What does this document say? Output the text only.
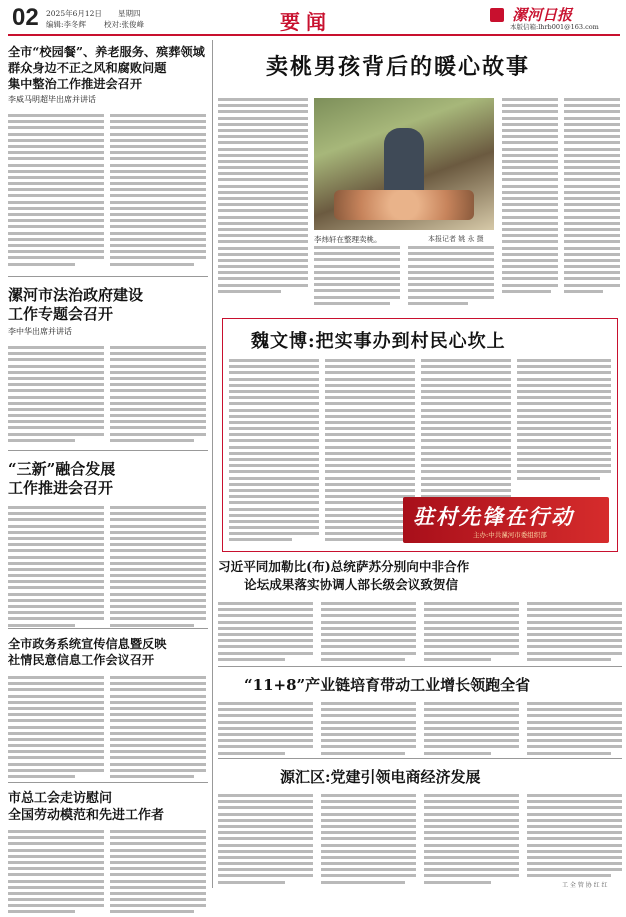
02 2025年6月12日 星期四
编辑:李冬辉 校对:张俊峰	要闻	漯河日报
本版信箱:lhrb001@163.com
全市“校园餐”、养老服务、殡葬领域
群众身边不正之风和腐败问题
集中整治工作推进会召开
李威马明超毕出席并讲话
漯河市法治政府建设
工作专题会召开
李中华出席并讲话
“三新”融合发展
工作推进会召开
全市政务系统宣传信息暨反映
社情民意信息工作会议召开
市总工会走访慰问
全国劳动模范和先进工作者
卖桃男孩背后的暖心故事
李炜轩在整理卖桃。	本报记者 姚 永 摄
魏文博:把实事办到村民心坎上
驻村先锋在行动
主办:中共漯河市委组织部
习近平同加勒比(布)总统萨苏分别向中非合作
论坛成果落实协调人部长级会议致贺信
“11+8”产业链培育带动工业增长领跑全省
源汇区:党建引领电商经济发展
工 全 管 协 红 红
